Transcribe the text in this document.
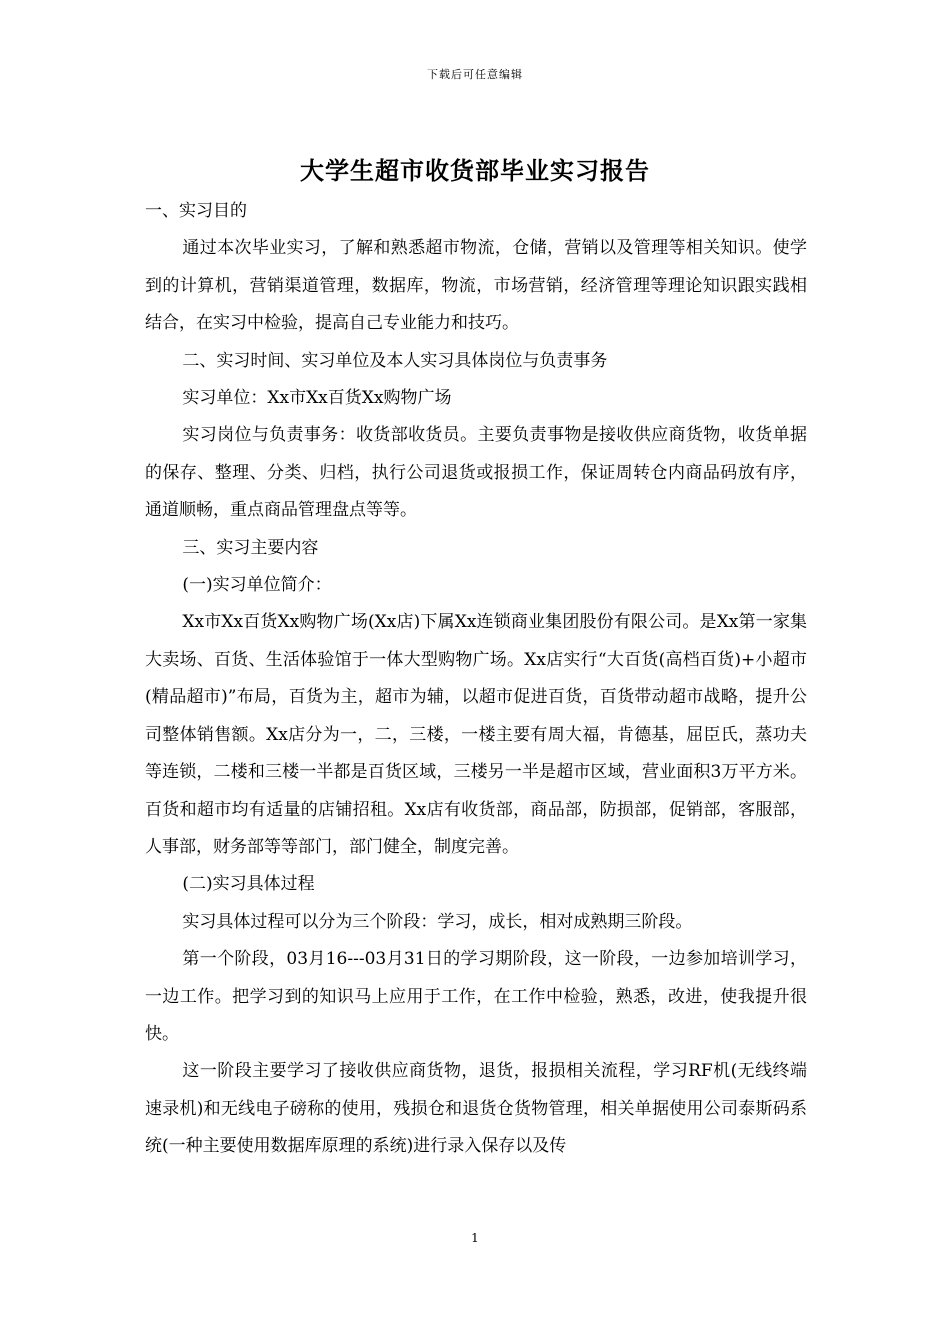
下载后可任意编辑
大学生超市收货部毕业实习报告

一、实习目的

通过本次毕业实习，了解和熟悉超市物流，仓储，营销以及管理等相关知识。使学到的计算机，营销渠道管理，数据库，物流，市场营销，经济管理等理论知识跟实践相结合，在实习中检验，提高自己专业能力和技巧。

二、实习时间、实习单位及本人实习具体岗位与负责事务

实习单位：Xx市Xx百货Xx购物广场

实习岗位与负责事务：收货部收货员。主要负责事物是接收供应商货物，收货单据的保存、整理、分类、归档，执行公司退货或报损工作，保证周转仓内商品码放有序，通道顺畅，重点商品管理盘点等等。

三、实习主要内容

(一)实习单位简介：

Xx市Xx百货Xx购物广场(Xx店)下属Xx连锁商业集团股份有限公司。是Xx第一家集大卖场、百货、生活体验馆于一体大型购物广场。Xx店实行“大百货(高档百货)+小超市(精品超市)”布局，百货为主，超市为辅，以超市促进百货，百货带动超市战略，提升公司整体销售额。Xx店分为一，二，三楼，一楼主要有周大福，肯德基，屈臣氏，蒸功夫等连锁，二楼和三楼一半都是百货区域，三楼另一半是超市区域，营业面积3万平方米。百货和超市均有适量的店铺招租。Xx店有收货部，商品部，防损部，促销部，客服部，人事部，财务部等等部门，部门健全，制度完善。

(二)实习具体过程

实习具体过程可以分为三个阶段：学习，成长，相对成熟期三阶段。

第一个阶段，03月16---03月31日的学习期阶段，这一阶段，一边参加培训学习，一边工作。把学习到的知识马上应用于工作，在工作中检验，熟悉，改进，使我提升很快。

这一阶段主要学习了接收供应商货物，退货，报损相关流程，学习RF机(无线终端速录机)和无线电子磅称的使用，残损仓和退货仓货物管理，相关单据使用公司泰斯码系统(一种主要使用数据库原理的系统)进行录入保存以及传

1
